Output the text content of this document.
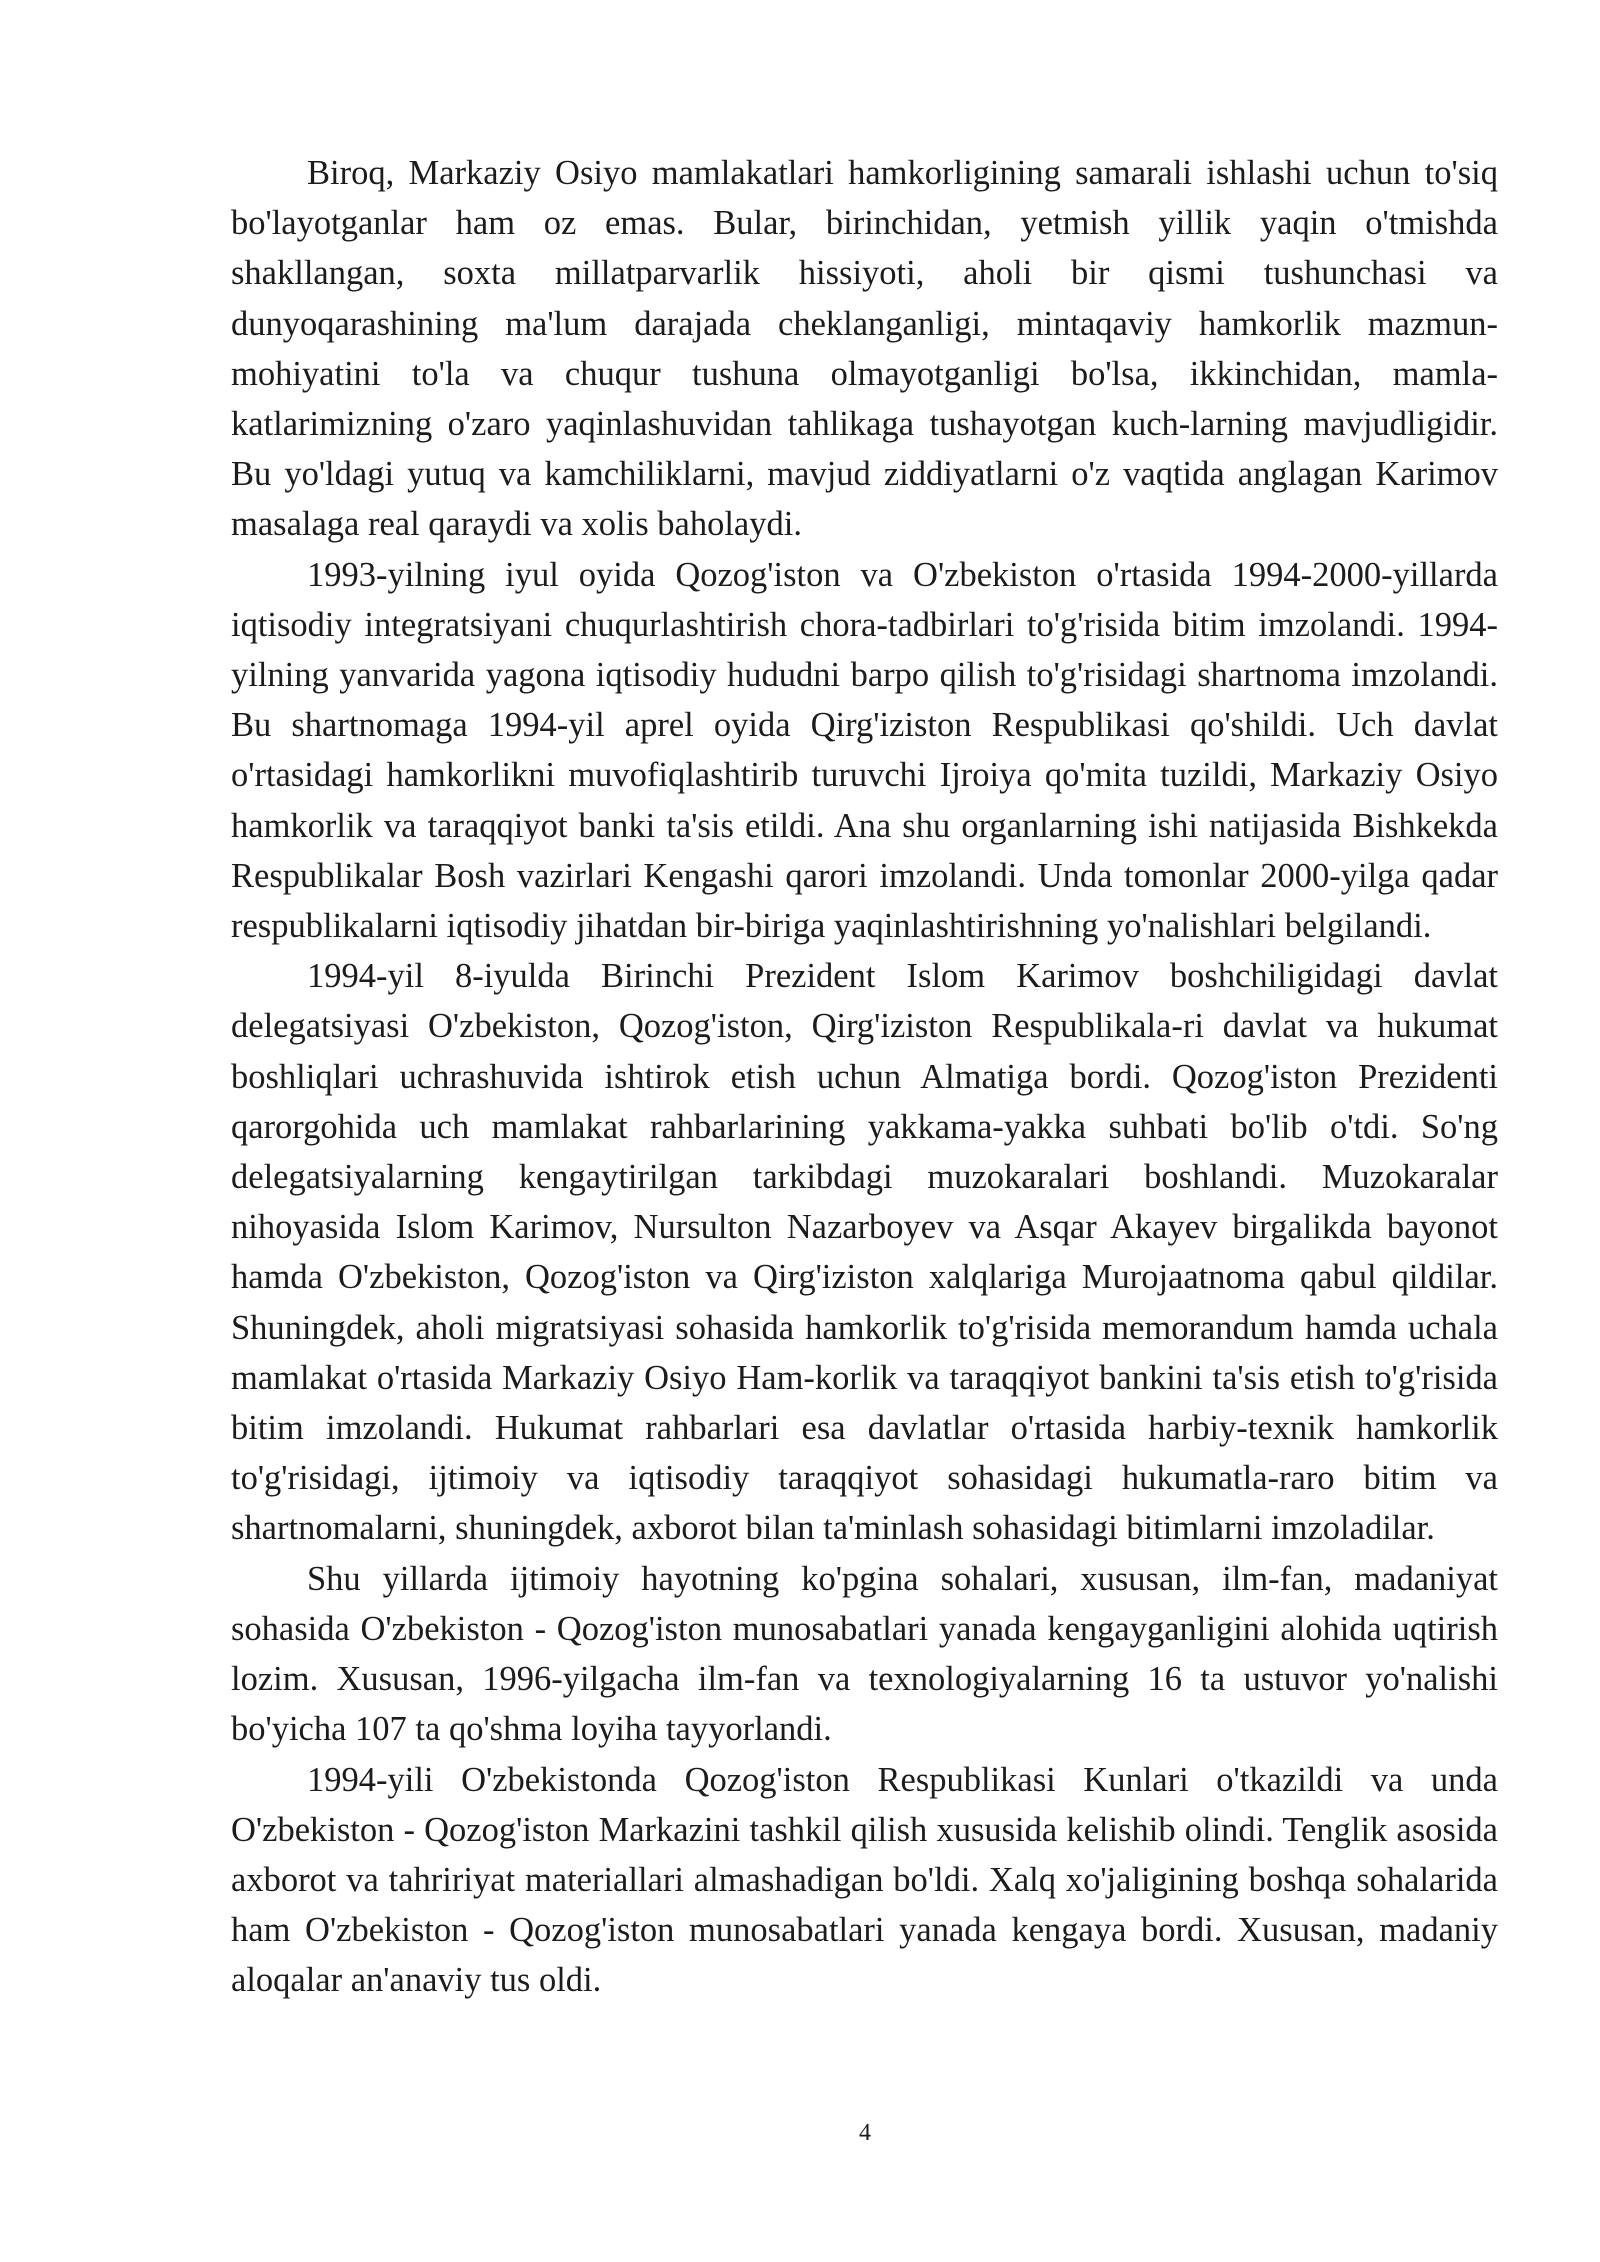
Biroq, Markaziy Osiyo mamlakatlari hamkorligining samarali ishlashi uchun to'siq bo'layotganlar ham oz emas. Bular, birinchidan, yetmish yillik yaqin o'tmishda shakllangan, soxta millatparvarlik hissiyoti, aholi bir qismi tushunchasi va dunyoqarashining ma'lum darajada cheklanganligi, mintaqaviy hamkorlik mazmun-mohiyatini to'la va chuqur tushuna olmayotganligi bo'lsa, ikkinchidan, mamla-katlarimizning o'zaro yaqinlashuvidan tahlikaga tushayotgan kuch-larning mavjudligidir. Bu yo'ldagi yutuq va kamchiliklarni, mavjud ziddiyatlarni o'z vaqtida anglagan Karimov masalaga real qaraydi va xolis baholaydi.

1993-yilning iyul oyida Qozog'iston va O'zbekiston o'rtasida 1994-2000-yillarda iqtisodiy integratsiyani chuqurlashtirish chora-tadbirlari to'g'risida bitim imzolandi. 1994-yilning yanvarida yagona iqtisodiy hududni barpo qilish to'g'risidagi shartnoma imzolandi. Bu shartnomaga 1994-yil aprel oyida Qirg'iziston Respublikasi qo'shildi. Uch davlat o'rtasidagi hamkorlikni muvofiqlashtirib turuvchi Ijroiya qo'mita tuzildi, Markaziy Osiyo hamkorlik va taraqqiyot banki ta'sis etildi. Ana shu organlarning ishi natijasida Bishkekda Respublikalar Bosh vazirlari Kengashi qarori imzolandi. Unda tomonlar 2000-yilga qadar respublikalarni iqtisodiy jihatdan bir-biriga yaqinlashtirishning yo'nalishlari belgilandi.

1994-yil 8-iyulda Birinchi Prezident Islom Karimov boshchiligidagi davlat delegatsiyasi O'zbekiston, Qozog'iston, Qirg'iziston Respublikala-ri davlat va hukumat boshliqlari uchrashuvida ishtirok etish uchun Almatiga bordi. Qozog'iston Prezidenti qarorgohida uch mamlakat rahbarlarining yakkama-yakka suhbati bo'lib o'tdi. So'ng delegatsiyalarning kengaytirilgan tarkibdagi muzokaralari boshlandi. Muzokaralar nihoyasida Islom Karimov, Nursulton Nazarboyev va Asqar Akayev birgalikda bayonot hamda O'zbekiston, Qozog'iston va Qirg'iziston xalqlariga Murojaatnoma qabul qildilar. Shuningdek, aholi migratsiyasi sohasida hamkorlik to'g'risida memorandum hamda uchala mamlakat o'rtasida Markaziy Osiyo Ham-korlik va taraqqiyot bankini ta'sis etish to'g'risida bitim imzolandi. Hukumat rahbarlari esa davlatlar o'rtasida harbiy-texnik hamkorlik to'g'risidagi, ijtimoiy va iqtisodiy taraqqiyot sohasidagi hukumatla-raro bitim va shartnomalarni, shuningdek, axborot bilan ta'minlash sohasidagi bitimlarni imzoladilar.

Shu yillarda ijtimoiy hayotning ko'pgina sohalari, xususan, ilm-fan, madaniyat sohasida O'zbekiston - Qozog'iston munosabatlari yanada kengayganligini alohida uqtirish lozim. Xususan, 1996-yilgacha ilm-fan va texnologiyalarning 16 ta ustuvor yo'nalishi bo'yicha 107 ta qo'shma loyiha tayyorlandi.

1994-yili O'zbekistonda Qozog'iston Respublikasi Kunlari o'tkazildi va unda O'zbekiston - Qozog'iston Markazini tashkil qilish xususida kelishib olindi. Tenglik asosida axborot va tahririyat materiallari almashadigan bo'ldi. Xalq xo'jaligining boshqa sohalarida ham O'zbekiston - Qozog'iston munosabatlari yanada kengaya bordi. Xususan, madaniy aloqalar an'anaviy tus oldi.

4
